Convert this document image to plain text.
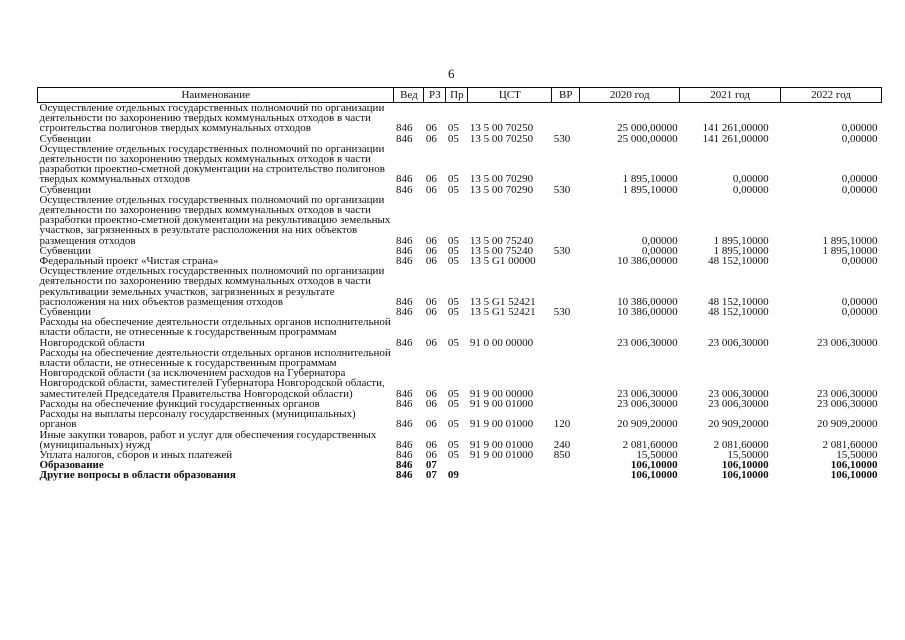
6
Наименование	Вед	РЗ	Пр	ЦСТ	ВР	2020 год	2021 год	2022 год
Осуществление отдельных государственных полномочий по организации деятельности по захоронению твердых коммунальных отходов в части строительства полигонов твердых коммунальных отходов	846	06	05	13 5 00 70250		25 000,00000	141 261,00000	0,00000
Субвенции	846	06	05	13 5 00 70250	530	25 000,00000	141 261,00000	0,00000
Осуществление отдельных государственных полномочий по организации деятельности по захоронению твердых коммунальных отходов в части разработки проектно-сметной документации на строительство полигонов твердых коммунальных отходов	846	06	05	13 5 00 70290		1 895,10000	0,00000	0,00000
Субвенции	846	06	05	13 5 00 70290	530	1 895,10000	0,00000	0,00000
Осуществление отдельных государственных полномочий по организации деятельности по захоронению твердых коммунальных отходов в части разработки проектно-сметной документации на рекультивацию земельных участков, загрязненных в результате расположения на них объектов размещения отходов	846	06	05	13 5 00 75240		0,00000	1 895,10000	1 895,10000
Субвенции	846	06	05	13 5 00 75240	530	0,00000	1 895,10000	1 895,10000
Федеральный проект «Чистая страна»	846	06	05	13 5 G1 00000		10 386,00000	48 152,10000	0,00000
Осуществление отдельных государственных полномочий по организации деятельности по захоронению твердых коммунальных отходов в части рекультивации земельных участков, загрязненных в результате расположения на них объектов размещения отходов	846	06	05	13 5 G1 52421		10 386,00000	48 152,10000	0,00000
Субвенции	846	06	05	13 5 G1 52421	530	10 386,00000	48 152,10000	0,00000
Расходы на обеспечение деятельности отдельных органов исполнительной власти области, не отнесенные к государственным программам Новгородской области	846	06	05	91 0 00 00000		23 006,30000	23 006,30000	23 006,30000
Расходы на обеспечение деятельности отдельных органов исполнительной власти области, не отнесенные к государственным программам Новгородской области (за исключением расходов на Губернатора Новгородской области, заместителей Губернатора Новгородской области, заместителей Председателя Правительства Новгородской области)	846	06	05	91 9 00 00000		23 006,30000	23 006,30000	23 006,30000
Расходы на обеспечение функций государственных органов	846	06	05	91 9 00 01000		23 006,30000	23 006,30000	23 006,30000
Расходы на выплаты персоналу государственных (муниципальных) органов	846	06	05	91 9 00 01000	120	20 909,20000	20 909,20000	20 909,20000
Иные закупки товаров, работ и услуг для обеспечения государственных (муниципальных) нужд	846	06	05	91 9 00 01000	240	2 081,60000	2 081,60000	2 081,60000
Уплата налогов, сборов и иных платежей	846	06	05	91 9 00 01000	850	15,50000	15,50000	15,50000
Образование	846	07				106,10000	106,10000	106,10000
Другие вопросы в области образования	846	07	09			106,10000	106,10000	106,10000
